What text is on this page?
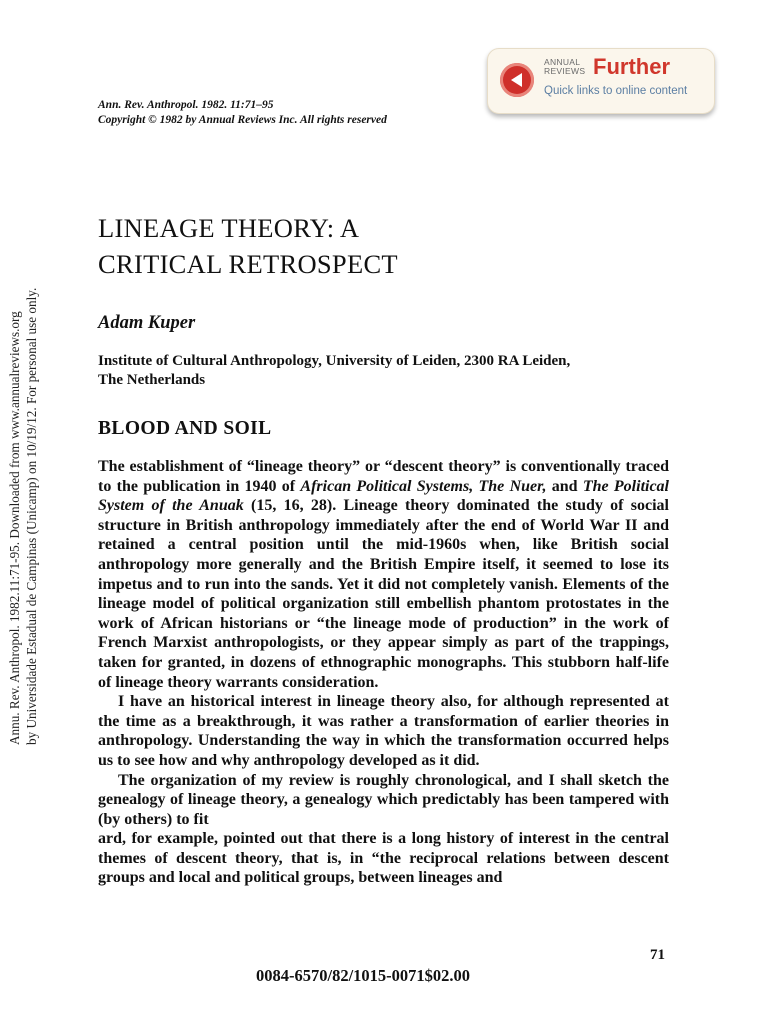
Annu. Rev. Anthropol. 1982.11:71-95. Downloaded from www.annualreviews.org by Universidade Estadual de Campinas (Unicamp) on 10/19/12. For personal use only.
Ann. Rev. Anthropol. 1982. 11:71–95
Copyright © 1982 by Annual Reviews Inc. All rights reserved
ANNUAL
REVIEWS Further
Quick links to online content
LINEAGE THEORY: A
CRITICAL RETROSPECT
Adam Kuper
Institute of Cultural Anthropology, University of Leiden, 2300 RA Leiden,
The Netherlands
BLOOD AND SOIL

The establishment of “lineage theory” or “descent theory” is conventionally traced to the publication in 1940 of African Political Systems, The Nuer, and The Political System of the Anuak (15, 16, 28). Lineage theory dominated the study of social structure in British anthropology immediately after the end of World War II and retained a central position until the mid-1960s when, like British social anthropology more generally and the British Empire itself, it seemed to lose its impetus and to run into the sands. Yet it did not completely vanish. Elements of the lineage model of political organization still embellish phantom protostates in the work of African historians or “the lineage mode of production” in the work of French Marxist anthropologists, or they appear simply as part of the trappings, taken for granted, in dozens of ethnographic monographs. This stubborn half-life of lineage theory warrants consideration.

I have an historical interest in lineage theory also, for although represented at the time as a breakthrough, it was rather a transformation of earlier theories in anthropology. Understanding the way in which the transformation occurred helps us to see how and why anthropology developed as it did.

The organization of my review is roughly chronological, and I shall sketch the genealogy of lineage theory, a genealogy which predictably has been tampered with (by others) to fit

ard, for example, pointed out that there is a long history of interest in the central themes of descent theory, that is, in “the reciprocal relations between descent groups and local and political groups, between lineages and

71
0084-6570/82/1015-0071$02.00
